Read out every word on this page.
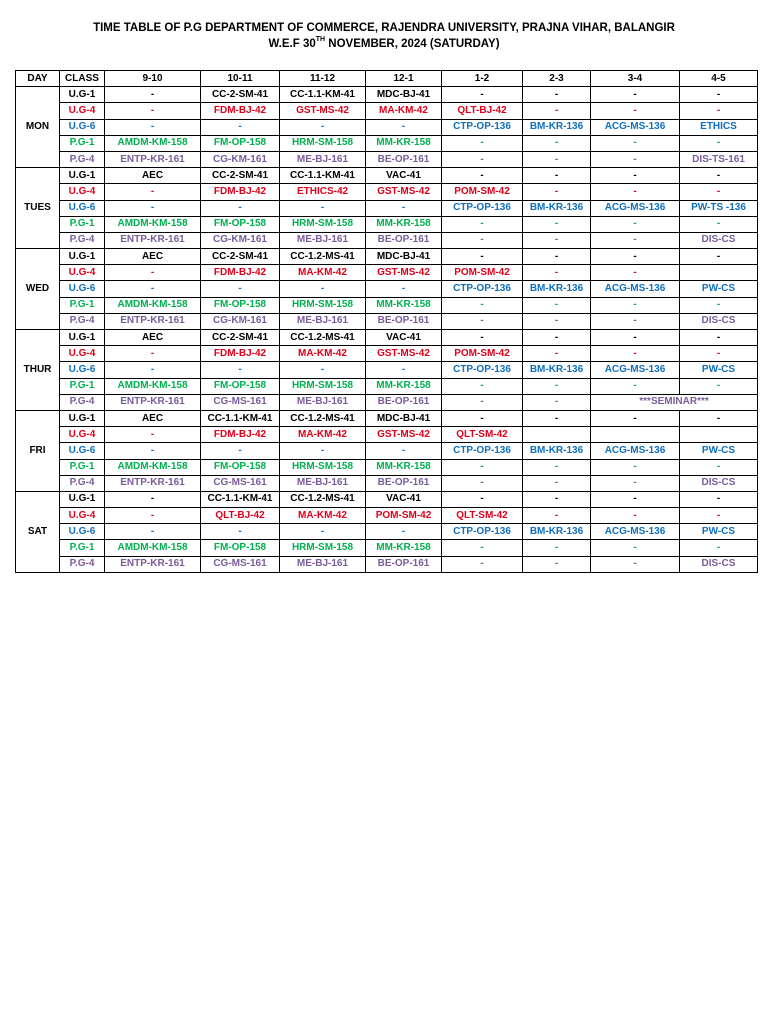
TIME TABLE OF P.G DEPARTMENT OF COMMERCE, RAJENDRA UNIVERSITY, PRAJNA VIHAR, BALANGIR
W.E.F 30TH NOVEMBER, 2024 (SATURDAY)
DAY	CLASS	9-10	10-11	11-12	12-1	1-2	2-3	3-4	4-5
	U.G-1	-	CC-2-SM-41	CC-1.1-KM-41	MDC-BJ-41	-	-	-	-
	U.G-4	-	FDM-BJ-42	GST-MS-42	MA-KM-42	QLT-BJ-42	-	-	-
MON	U.G-6	-	-	-	-	CTP-OP-136	BM-KR-136	ACG-MS-136	ETHICS
	P.G-1	AMDM-KM-158	FM-OP-158	HRM-SM-158	MM-KR-158	-	-	-	-
	P.G-4	ENTP-KR-161	CG-KM-161	ME-BJ-161	BE-OP-161	-	-	-	DIS-TS-161
	U.G-1	AEC	CC-2-SM-41	CC-1.1-KM-41	VAC-41	-	-	-	-
	U.G-4	-	FDM-BJ-42	ETHICS-42	GST-MS-42	POM-SM-42	-	-	-
TUES	U.G-6	-	-	-	-	CTP-OP-136	BM-KR-136	ACG-MS-136	PW-TS -136
	P.G-1	AMDM-KM-158	FM-OP-158	HRM-SM-158	MM-KR-158	-	-	-	-
	P.G-4	ENTP-KR-161	CG-KM-161	ME-BJ-161	BE-OP-161	-	-	-	DIS-CS
	U.G-1	AEC	CC-2-SM-41	CC-1.2-MS-41	MDC-BJ-41	-	-	-	-
	U.G-4	-	FDM-BJ-42	MA-KM-42	GST-MS-42	POM-SM-42	-	-	
WED	U.G-6	-	-	-	-	CTP-OP-136	BM-KR-136	ACG-MS-136	PW-CS
	P.G-1	AMDM-KM-158	FM-OP-158	HRM-SM-158	MM-KR-158	-	-	-	-
	P.G-4	ENTP-KR-161	CG-KM-161	ME-BJ-161	BE-OP-161	-	-	-	DIS-CS
	U.G-1	AEC	CC-2-SM-41	CC-1.2-MS-41	VAC-41	-	-	-	-
	U.G-4	-	FDM-BJ-42	MA-KM-42	GST-MS-42	POM-SM-42	-	-	-
THUR	U.G-6	-	-	-	-	CTP-OP-136	BM-KR-136	ACG-MS-136	PW-CS
	P.G-1	AMDM-KM-158	FM-OP-158	HRM-SM-158	MM-KR-158	-	-	-	-
	P.G-4	ENTP-KR-161	CG-MS-161	ME-BJ-161	BE-OP-161	-	-	***SEMINAR***	
	U.G-1	AEC	CC-1.1-KM-41	CC-1.2-MS-41	MDC-BJ-41	-	-	-	-
	U.G-4	-	FDM-BJ-42	MA-KM-42	GST-MS-42	QLT-SM-42			
FRI	U.G-6	-	-	-	-	CTP-OP-136	BM-KR-136	ACG-MS-136	PW-CS
	P.G-1	AMDM-KM-158	FM-OP-158	HRM-SM-158	MM-KR-158	-	-	-	-
	P.G-4	ENTP-KR-161	CG-MS-161	ME-BJ-161	BE-OP-161	-	-	-	DIS-CS
	U.G-1	-	CC-1.1-KM-41	CC-1.2-MS-41	VAC-41	-	-	-	-
	U.G-4	-	QLT-BJ-42	MA-KM-42	POM-SM-42	QLT-SM-42	-	-	-
SAT	U.G-6	-	-	-	-	CTP-OP-136	BM-KR-136	ACG-MS-136	PW-CS
	P.G-1	AMDM-KM-158	FM-OP-158	HRM-SM-158	MM-KR-158	-	-	-	-
	P.G-4	ENTP-KR-161	CG-MS-161	ME-BJ-161	BE-OP-161	-	-	-	DIS-CS
